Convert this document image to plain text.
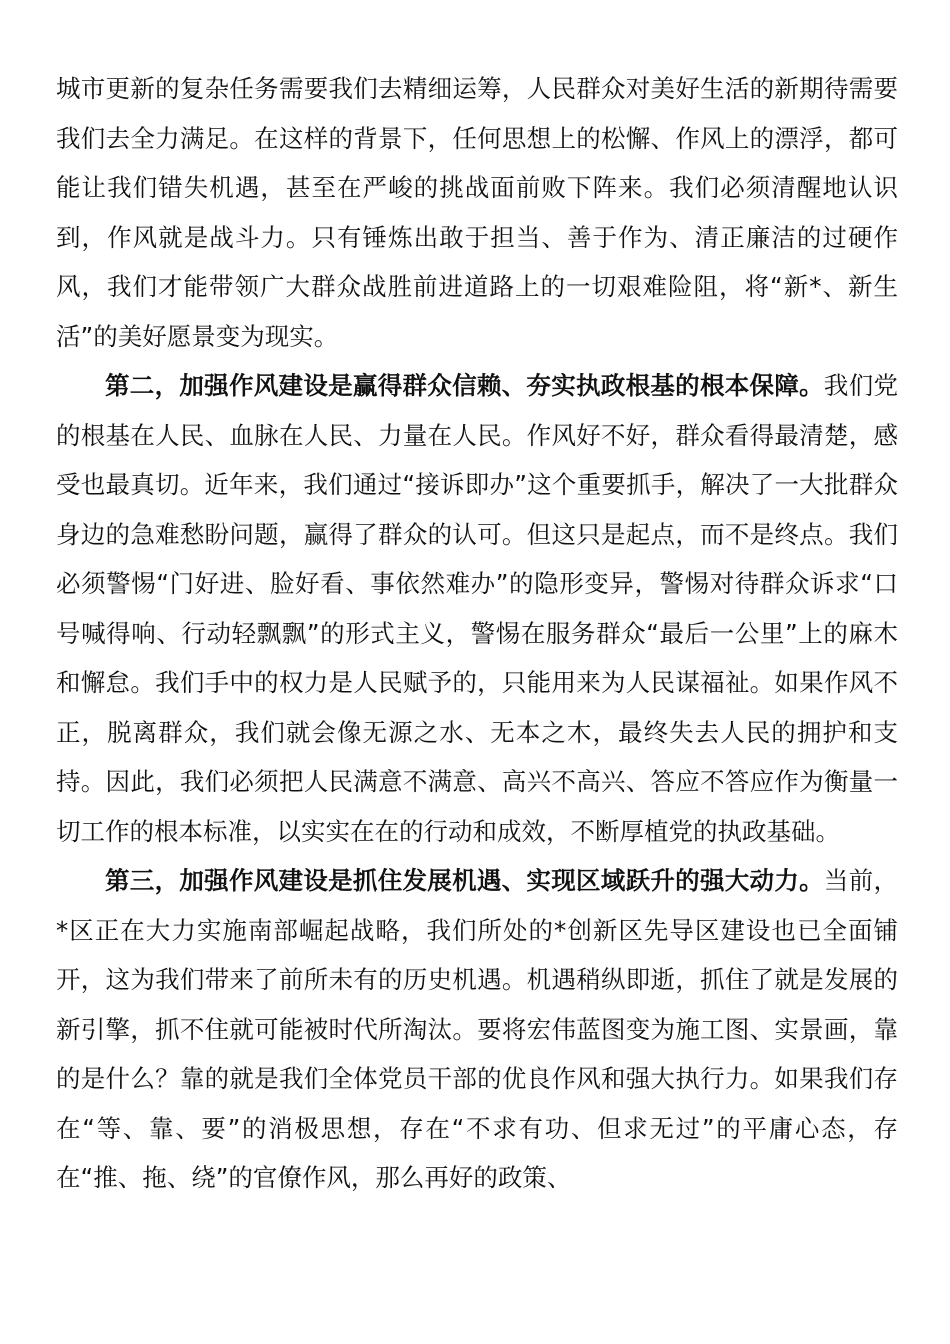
城市更新的复杂任务需要我们去精细运筹，人民群众对美好生活的新期待需要我们去全力满足。在这样的背景下，任何思想上的松懈、作风上的漂浮，都可能让我们错失机遇，甚至在严峻的挑战面前败下阵来。我们必须清醒地认识到，作风就是战斗力。只有锤炼出敢于担当、善于作为、清正廉洁的过硬作风，我们才能带领广大群众战胜前进道路上的一切艰难险阻，将“新*、新生活”的美好愿景变为现实。

第二，加强作风建设是赢得群众信赖、夯实执政根基的根本保障。我们党的根基在人民、血脉在人民、力量在人民。作风好不好，群众看得最清楚，感受也最真切。近年来，我们通过“接诉即办”这个重要抓手，解决了一大批群众身边的急难愁盼问题，赢得了群众的认可。但这只是起点，而不是终点。我们必须警惕“门好进、脸好看、事依然难办”的隐形变异，警惕对待群众诉求“口号喊得响、行动轻飘飘”的形式主义，警惕在服务群众“最后一公里”上的麻木和懈怠。我们手中的权力是人民赋予的，只能用来为人民谋福祉。如果作风不正，脱离群众，我们就会像无源之水、无本之木，最终失去人民的拥护和支持。因此，我们必须把人民满意不满意、高兴不高兴、答应不答应作为衡量一切工作的根本标准，以实实在在的行动和成效，不断厚植党的执政基础。

第三，加强作风建设是抓住发展机遇、实现区域跃升的强大动力。当前，*区正在大力实施南部崛起战略，我们所处的*创新区先导区建设也已全面铺开，这为我们带来了前所未有的历史机遇。机遇稍纵即逝，抓住了就是发展的新引擎，抓不住就可能被时代所淘汰。要将宏伟蓝图变为施工图、实景画，靠的是什么？靠的就是我们全体党员干部的优良作风和强大执行力。如果我们存在“等、靠、要”的消极思想，存在“不求有功、但求无过”的平庸心态，存在“推、拖、绕”的官僚作风，那么再好的政策、
